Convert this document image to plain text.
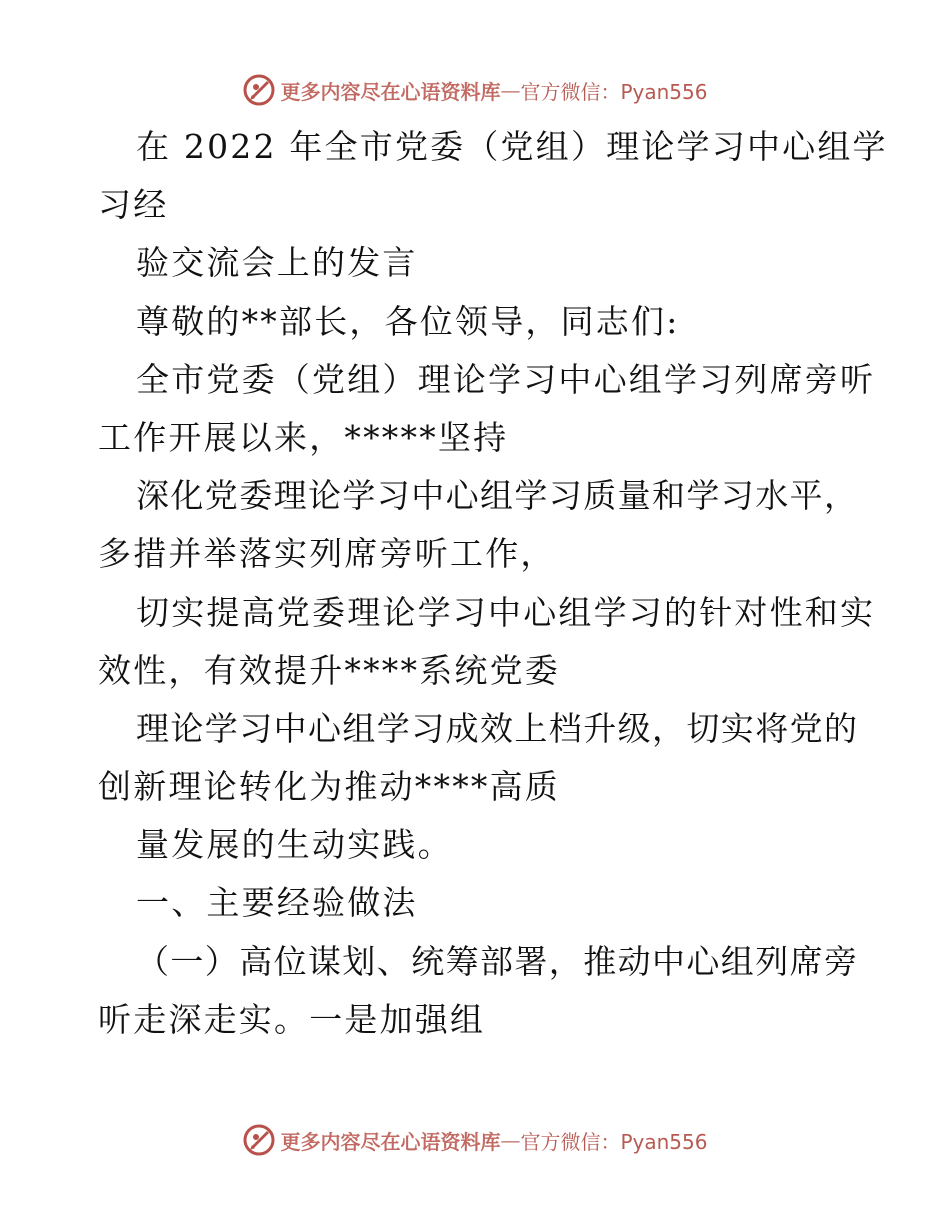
更多内容尽在心语资料库 — 官方微信：Pyan556
在 2022 年全市党委（党组）理论学习中心组学
习经
验交流会上的发言
尊敬的**部长，各位领导，同志们:
全市党委（党组）理论学习中心组学习列席旁听
工作开展以来，*****坚持
深化党委理论学习中心组学习质量和学习水平，
多措并举落实列席旁听工作，
切实提高党委理论学习中心组学习的针对性和实
效性，有效提升****系统党委
理论学习中心组学习成效上档升级，切实将党的
创新理论转化为推动****高质
量发展的生动实践。
一、主要经验做法
（一）高位谋划、统筹部署，推动中心组列席旁
听走深走实。一是加强组
更多内容尽在心语资料库 — 官方微信：Pyan556
